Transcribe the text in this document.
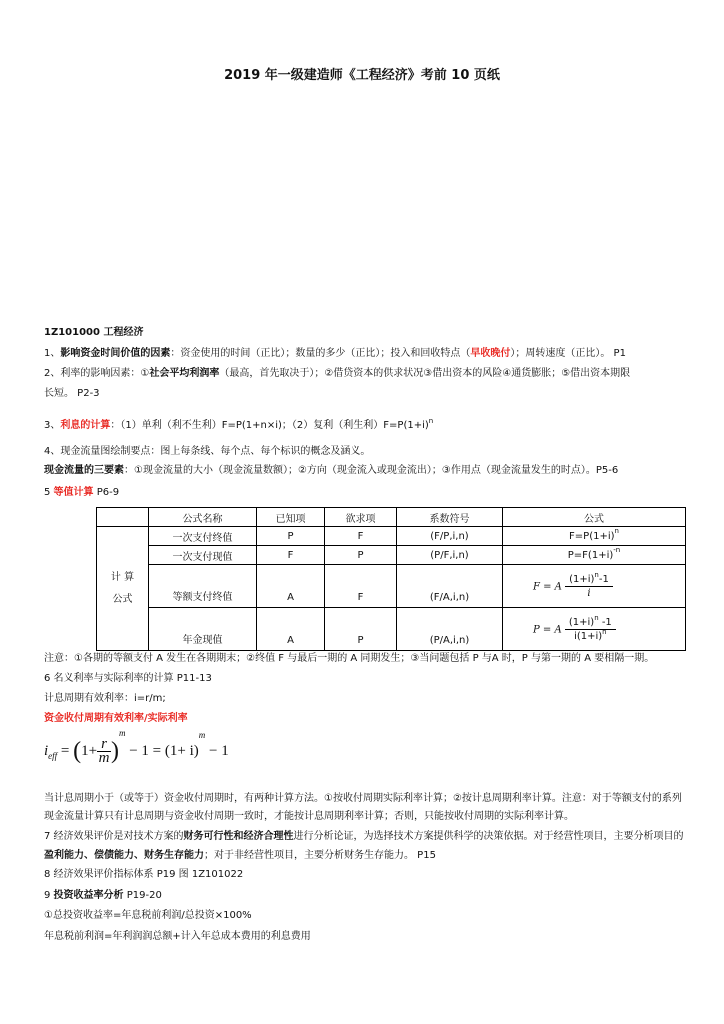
2019 年一级建造师《工程经济》考前 10 页纸
1Z101000 工程经济
1、影响资金时间价值的因素：资金使用的时间（正比）；数量的多少（正比）；投入和回收特点（早收晚付）；周转速度（正比）。 P1
2、利率的影响因素：①社会平均利润率（最高，首先取决于）；②借贷资本的供求状况③借出资本的风险④通货膨胀；⑤借出资本期限
长短。 P2-3
3、利息的计算：（1）单利（利不生利）F=P(1+n×i)；（2）复利（利生利）$F=P(1+i)^n$
4、现金流量图绘制要点：图上每条线、每个点、每个标识的概念及涵义。
现金流量的三要素：①现金流量的大小（现金流量数额）；②方向（现金流入或现金流出）；③作用点（现金流量发生的时点）。P5-6
5 等值计算 P6-9
	公式名称	已知项	欲求项	系数符号	公式

计 算
公式	一次支付终值	P	F	(F/P,i,n)	$F=P(1+i)^n$
	一次支付现值	F	P	(P/F,i,n)	$P=F(1+i)^{-n}$
	等额支付终值	A	F	(F/A,i,n)	F = A $\frac{(1+i)^n-1}{i}$

	年金现值	A	P	(P/A,i,n)	P = A $\frac{(1+i)^n -1}{i(1+i)^n}$
注意：①各期的等额支付 A 发生在各期期末；②终值 F 与最后一期的 A 同期发生；③当问题包括 P 与A 时，P 与第一期的 A 要相隔一期。
6 名义利率与实际利率的计算 P11-13
计息周期有效利率：i=r/m;
资金收付周期有效利率/实际利率
$i_{eff} = (1+ \frac{r}{m} )^m - 1 = (1+ i)^m - 1$
当计息周期小于（或等于）资金收付周期时，有两种计算方法。①按收付周期实际利率计算；②按计息周期利率计算。注意：对于等额支付的系列现金流量计算只有计息周期与资金收付周期一致时，才能按计息周期利率计算；否则，只能按收付周期的实际利率计算。
7 经济效果评价是对技术方案的财务可行性和经济合理性进行分析论证，为选择技术方案提供科学的决策依据。对于经营性项目，主要分析项目的盈利能力、偿债能力、财务生存能力；对于非经营性项目，主要分析财务生存能力。 P15
8 经济效果评价指标体系 P19 图 1Z101022
9 投资收益率分析 P19-20
①总投资收益率=年息税前利润/总投资×100%
年息税前利润=年利润润总额+计入年总成本费用的利息费用
